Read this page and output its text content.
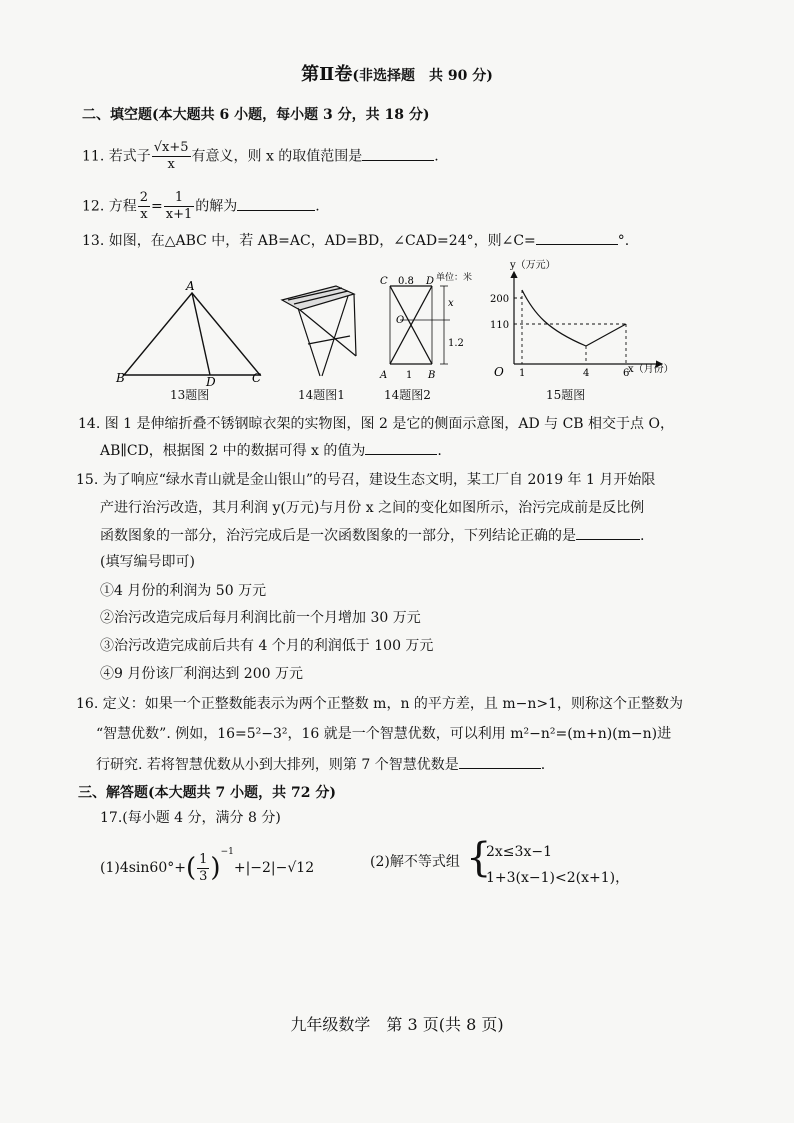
第Ⅱ卷(非选择题　共 90 分)
二、填空题(本大题共 6 小题，每小题 3 分，共 18 分)
11. 若式子 $\frac{√x+5}{x}$ 有意义，则 x 的取值范围是	.
12. 方程 $\frac{2}{x} = \frac{1}{x+1}$ 的解为	.
13. 如图，在△ABC 中，若 AB=AC，AD=BD，∠CAD=24°，则∠C=	°.
A
B	C
D
13题图	14题图1
C 0.8 D 单位：米
O
x
1.2
A 1 B
14题图2
y（万元）
x（月份）
200
110
O 1	4	6
15题图
14. 图 1 是伸缩折叠不锈钢晾衣架的实物图，图 2 是它的侧面示意图，AD 与 CB 相交于点 O，
AB∥CD，根据图 2 中的数据可得 x 的值为	.
15. 为了响应“绿水青山就是金山银山”的号召，建设生态文明，某工厂自 2019 年 1 月开始限
产进行治污改造，其月利润 y(万元)与月份 x 之间的变化如图所示，治污完成前是反比例
函数图象的一部分，治污完成后是一次函数图象的一部分，下列结论正确的是	.
(填写编号即可)
①4 月份的利润为 50 万元
②治污改造完成后每月利润比前一个月增加 30 万元
③治污改造完成前后共有 4 个月的利润低于 100 万元
④9 月份该厂利润达到 200 万元
16. 定义：如果一个正整数能表示为两个正整数 m，n 的平方差，且 m−n>1，则称这个正整数为
“智慧优数”. 例如，16=5²−3²，16 就是一个智慧优数，可以利用 m²−n²=(m+n)(m−n)进
行研究. 若将智慧优数从小到大排列，则第 7 个智慧优数是	.
三、解答题(本大题共 7 小题，共 72 分)
17.(每小题 4 分，满分 8 分)
$(1)4\sin 60^\circ+( \frac{1}{3} )^{-1}+|-2|-√12$	(2)解不等式组 {
2x≤3x−1
1+3(x−1)<2(x+1)，
九年级数学　第 3 页(共 8 页)
